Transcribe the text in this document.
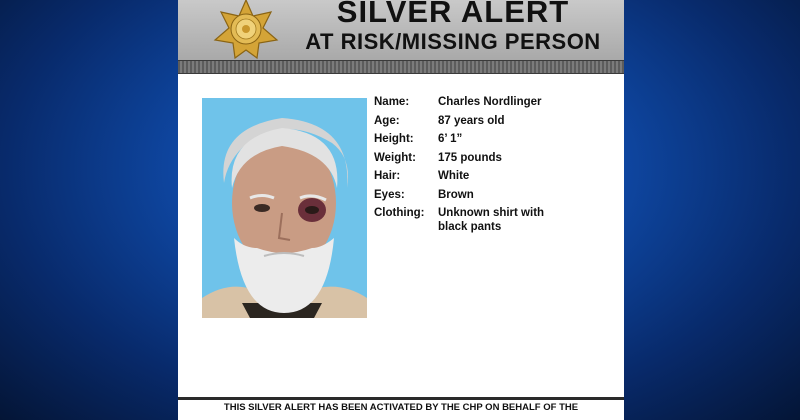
SILVER ALERT
AT RISK/MISSING PERSON
Name:	Charles Nordlinger
Age:	87 years old
Height:	6’ 1”
Weight:	175 pounds
Hair:	White
Eyes:	Brown
Clothing:	Unknown shirt with
black pants
THIS SILVER ALERT HAS BEEN ACTIVATED BY THE CHP ON BEHALF OF THE
